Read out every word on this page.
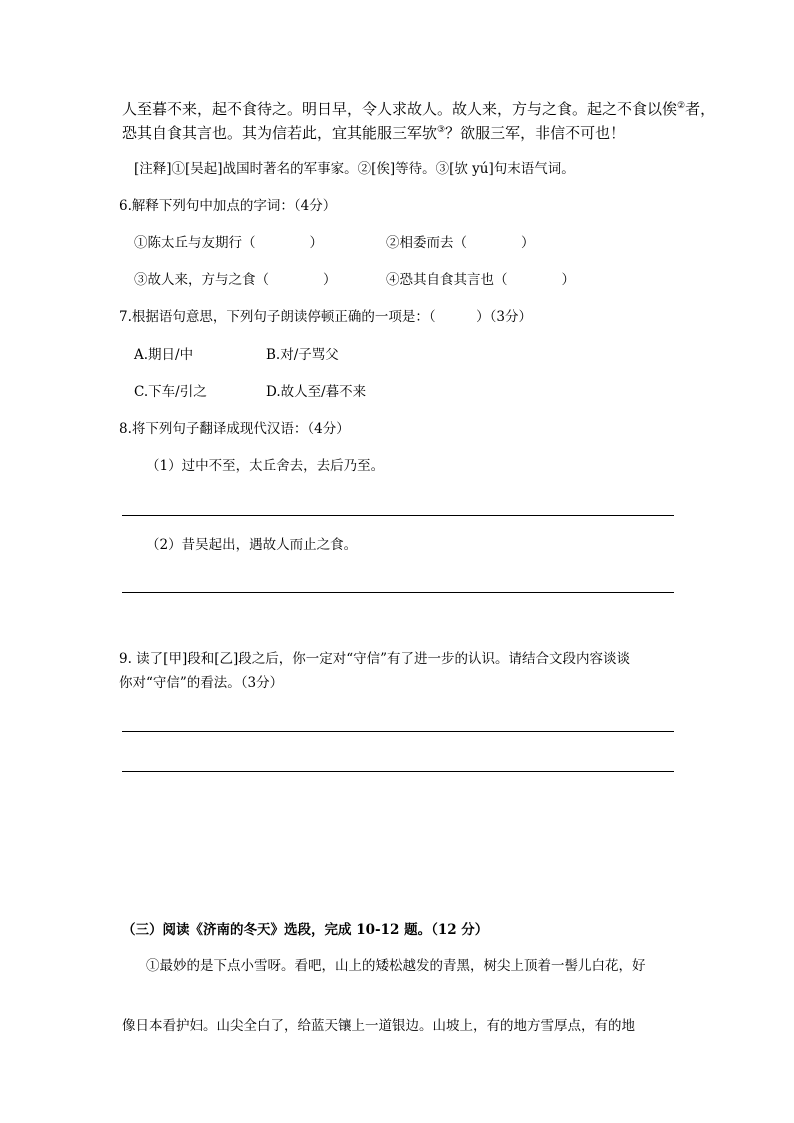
人至暮不来，起不食待之。明日早，令人求故人。故人来，方与之食。起之不食以俟②者，
恐其自食其言也。其为信若此，宜其能服三军欤③？欲服三军，非信不可也！
[注释]①[吴起]战国时著名的军事家。②[俟]等待。③[欤 yú]句末语气词。
6.解释下列句中加点的字词：（4分）
①陈太丘与友期行（　　　　）	②相委而去（　　　　）
③故人来，方与之食（　　　　）	④恐其自食其言也（　　　　）
7.根据语句意思，下列句子朗读停顿正确的一项是：（　　　）（3分）
A.期日/中	B.对/子骂父
C.下车/引之	D.故人至/暮不来
8.将下列句子翻译成现代汉语：（4分）
（1）过中不至，太丘舍去，去后乃至。
（2）昔吴起出，遇故人而止之食。
9. 读了[甲]段和[乙]段之后，你一定对“守信”有了进一步的认识。请结合文段内容谈谈
你对“守信”的看法。（3分）
（三）阅读《济南的冬天》选段，完成 10-12 题。（12 分）
①最妙的是下点小雪呀。看吧，山上的矮松越发的青黑，树尖上顶着一髻儿白花，好
像日本看护妇。山尖全白了，给蓝天镶上一道银边。山坡上，有的地方雪厚点，有的地
